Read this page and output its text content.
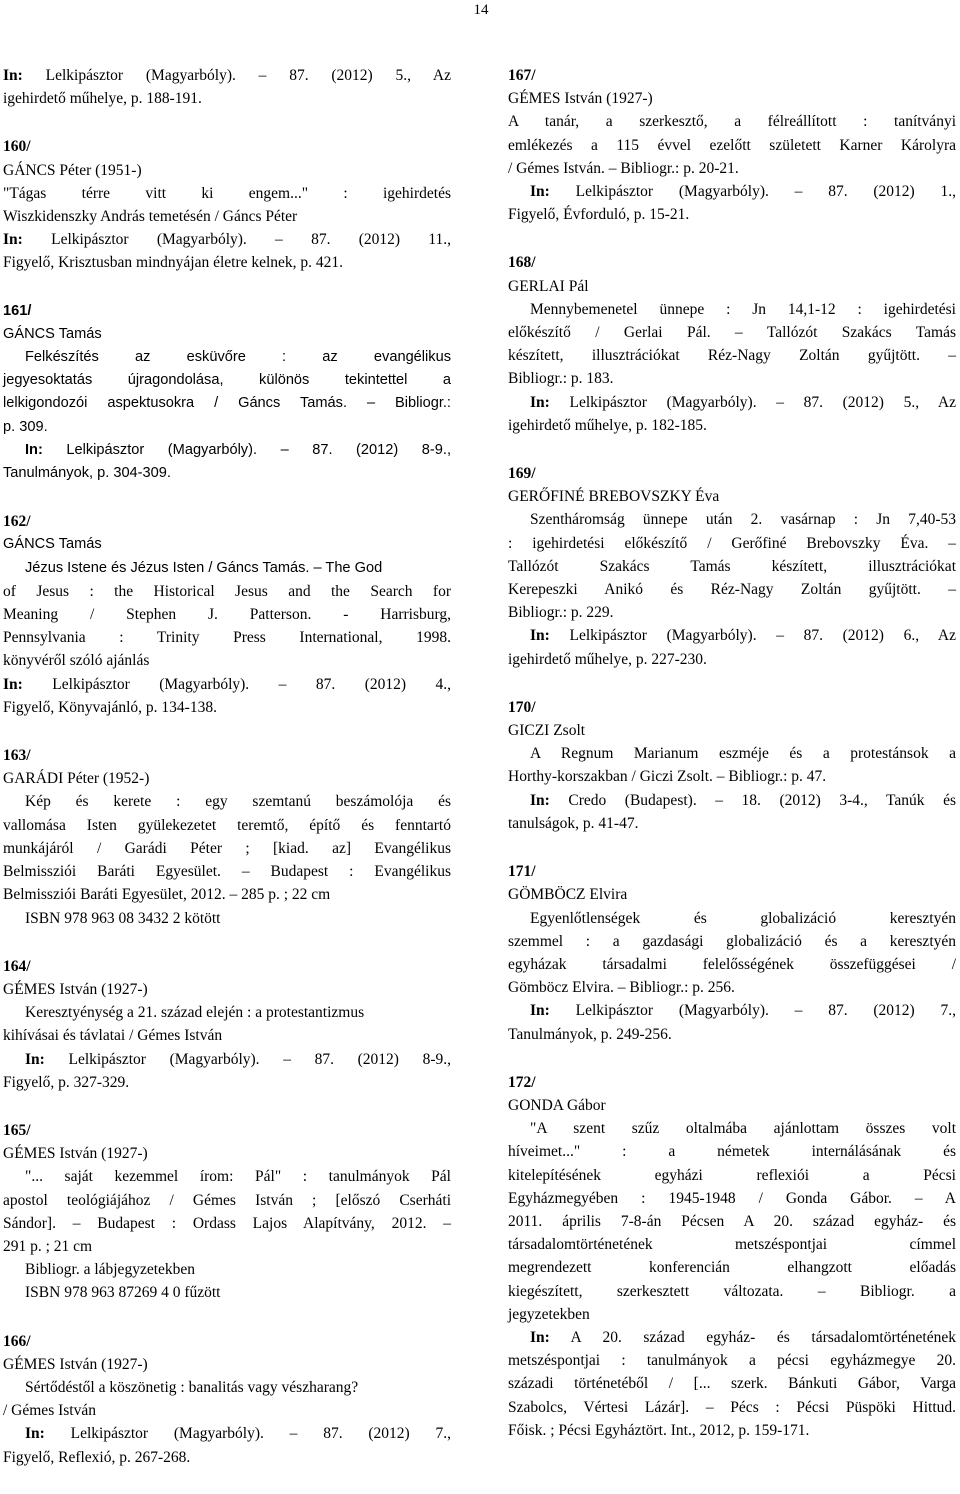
14
In: Lelkipásztor (Magyarbóly). – 87. (2012) 5., Az
igehirdető műhelye, p. 188-191.
160/
GÁNCS Péter (1951-)
"Tágas térre vitt ki engem..." : igehirdetés
Wiszkidenszky András temetésén / Gáncs Péter
In: Lelkipásztor (Magyarbóly). – 87. (2012) 11.,
Figyelő, Krisztusban mindnyájan életre kelnek, p. 421.
161/
GÁNCS Tamás
Felkészítés az esküvőre : az evangélikus
jegyesoktatás újragondolása, különös tekintettel a
lelkigondozói aspektusokra / Gáncs Tamás. – Bibliogr.:
p. 309.
In: Lelkipásztor (Magyarbóly). – 87. (2012) 8-9.,
Tanulmányok, p. 304-309.
162/
GÁNCS Tamás
Jézus Istene és Jézus Isten / Gáncs Tamás. – The God
of Jesus : the Historical Jesus and the Search for
Meaning / Stephen J. Patterson. - Harrisburg,
Pennsylvania : Trinity Press International, 1998.
könyvéről szóló ajánlás
In: Lelkipásztor (Magyarbóly). – 87. (2012) 4.,
Figyelő, Könyvajánló, p. 134-138.
163/
GARÁDI Péter (1952-)
Kép és kerete : egy szemtanú beszámolója és
vallomása Isten gyülekezetet teremtő, építő és fenntartó
munkájáról / Garádi Péter ; [kiad. az] Evangélikus
Belmissziói Baráti Egyesület. – Budapest : Evangélikus
Belmissziói Baráti Egyesület, 2012. – 285 p. ; 22 cm
ISBN 978 963 08 3432 2 kötött
164/
GÉMES István (1927-)
Keresztyénység a 21. század elején : a protestantizmus
kihívásai és távlatai / Gémes István
In: Lelkipásztor (Magyarbóly). – 87. (2012) 8-9.,
Figyelő, p. 327-329.
165/
GÉMES István (1927-)
"... saját kezemmel írom: Pál" : tanulmányok Pál
apostol teológiájához / Gémes István ; [előszó Cserháti
Sándor]. – Budapest : Ordass Lajos Alapítvány, 2012. –
291 p. ; 21 cm
Bibliogr. a lábjegyzetekben
ISBN 978 963 87269 4 0 fűzött
166/
GÉMES István (1927-)
Sértődéstől a köszönetig : banalitás vagy vészharang?
/ Gémes István
In: Lelkipásztor (Magyarbóly). – 87. (2012) 7.,
Figyelő, Reflexió, p. 267-268.
167/
GÉMES István (1927-)
A tanár, a szerkesztő, a félreállított : tanítványi
emlékezés a 115 évvel ezelőtt született Karner Károlyra
/ Gémes István. – Bibliogr.: p. 20-21.
In: Lelkipásztor (Magyarbóly). – 87. (2012) 1.,
Figyelő, Évforduló, p. 15-21.
168/
GERLAI Pál
Mennybemenetel ünnepe : Jn 14,1-12 : igehirdetési
előkészítő / Gerlai Pál. – Tallózót Szakács Tamás
készített, illusztrációkat Réz-Nagy Zoltán gyűjtött. –
Bibliogr.: p. 183.
In: Lelkipásztor (Magyarbóly). – 87. (2012) 5., Az
igehirdető műhelye, p. 182-185.
169/
GERŐFINÉ BREBOVSZKY Éva
Szentháromság ünnepe után 2. vasárnap : Jn 7,40-53
: igehirdetési előkészítő / Gerőfiné Brebovszky Éva. –
Tallózót Szakács Tamás készített, illusztrációkat
Kerepeszki Anikó és Réz-Nagy Zoltán gyűjtött. –
Bibliogr.: p. 229.
In: Lelkipásztor (Magyarbóly). – 87. (2012) 6., Az
igehirdető műhelye, p. 227-230.
170/
GICZI Zsolt
A Regnum Marianum eszméje és a protestánsok a
Horthy-korszakban / Giczi Zsolt. – Bibliogr.: p. 47.
In: Credo (Budapest). – 18. (2012) 3-4., Tanúk és
tanulságok, p. 41-47.
171/
GÖMBÖCZ Elvira
Egyenlőtlenségek és globalizáció keresztyén
szemmel : a gazdasági globalizáció és a keresztyén
egyházak társadalmi felelősségének összefüggései /
Gömböcz Elvira. – Bibliogr.: p. 256.
In: Lelkipásztor (Magyarbóly). – 87. (2012) 7.,
Tanulmányok, p. 249-256.
172/
GONDA Gábor
"A szent szűz oltalmába ajánlottam összes volt
híveimet..." : a németek internálásának és
kitelepítésének egyházi reflexiói a Pécsi
Egyházmegyében : 1945-1948 / Gonda Gábor. – A
2011. április 7-8-án Pécsen A 20. század egyház- és
társadalomtörténetének metszéspontjai címmel
megrendezett konferencián elhangzott előadás
kiegészített, szerkesztett változata. – Bibliogr. a
jegyzetekben
In: A 20. század egyház- és társadalomtörténetének
metszéspontjai : tanulmányok a pécsi egyházmegye 20.
századi történetéből / [... szerk. Bánkuti Gábor, Varga
Szabolcs, Vértesi Lázár]. – Pécs : Pécsi Püspöki Hittud.
Főisk. ; Pécsi Egyháztört. Int., 2012, p. 159-171.
